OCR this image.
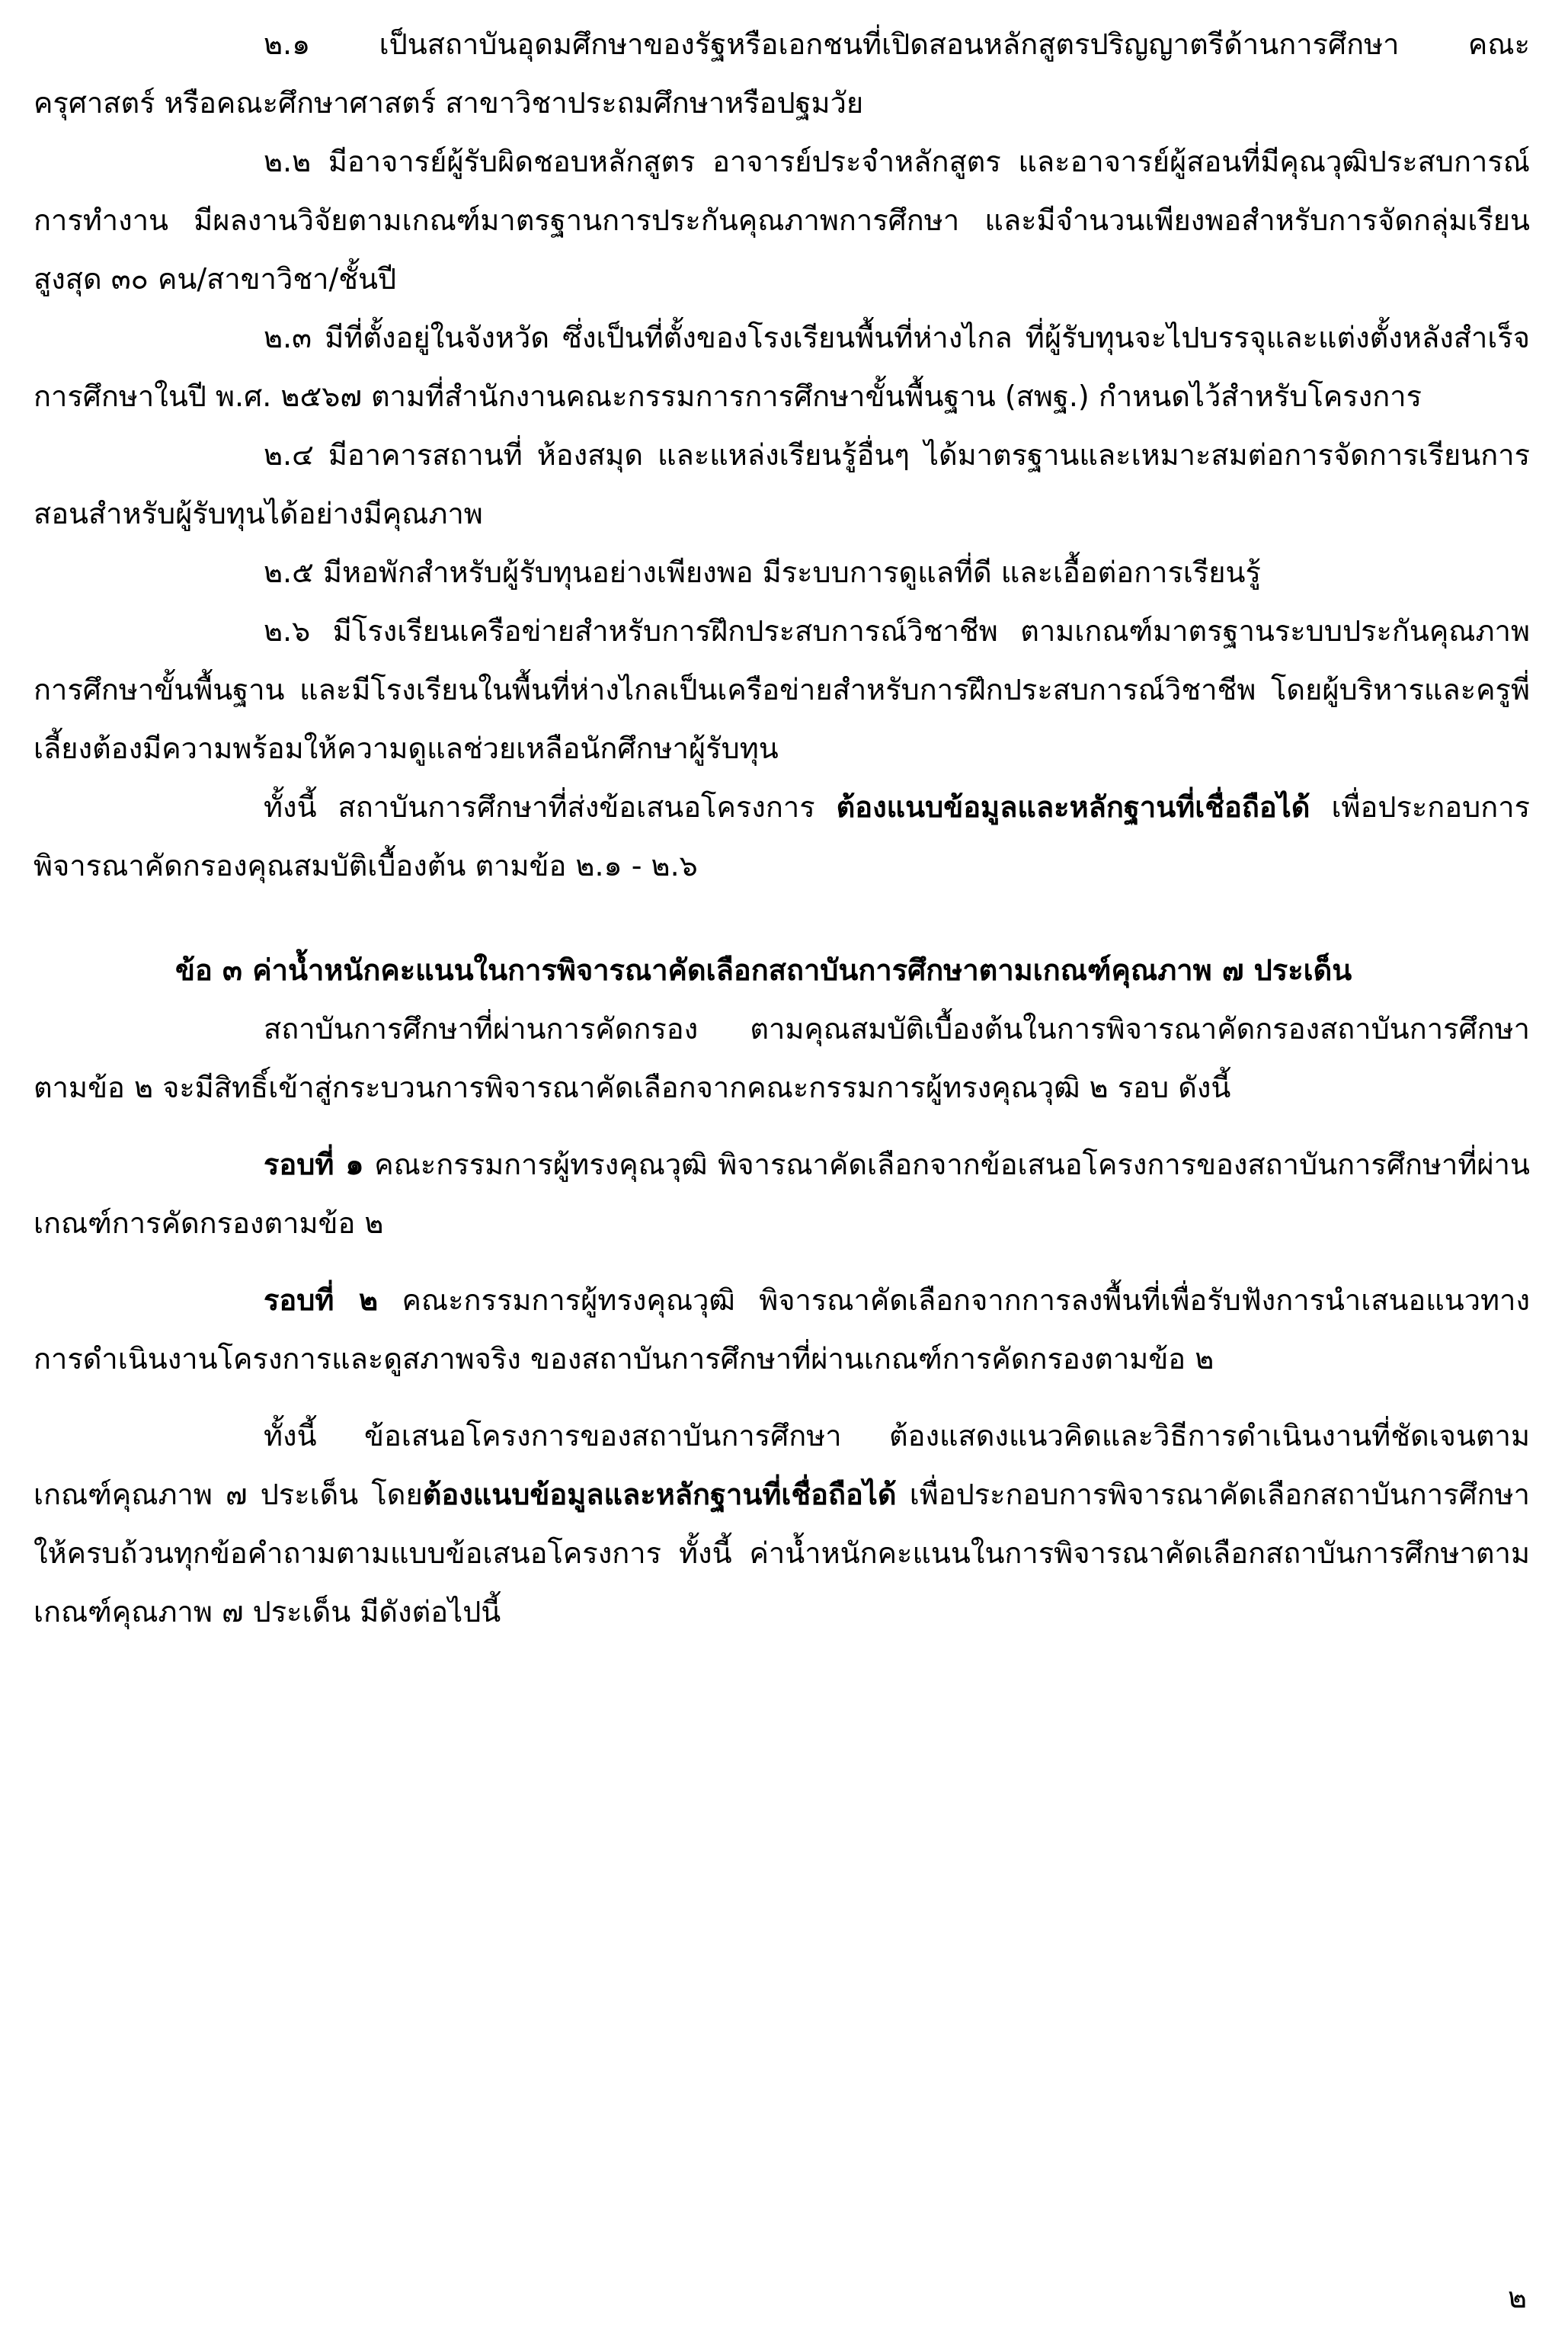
๒.๑ เป็นสถาบันอุดมศึกษาของรัฐหรือเอกชนที่เปิดสอนหลักสูตรปริญญาตรีด้านการศึกษา คณะครุศาสตร์ หรือคณะศึกษาศาสตร์ สาขาวิชาประถมศึกษาหรือปฐมวัย

๒.๒ มีอาจารย์ผู้รับผิดชอบหลักสูตร อาจารย์ประจำหลักสูตร และอาจารย์ผู้สอนที่มีคุณวุฒิประสบการณ์การทำงาน มีผลงานวิจัยตามเกณฑ์มาตรฐานการประกันคุณภาพการศึกษา และมีจำนวนเพียงพอสำหรับการจัดกลุ่มเรียนสูงสุด ๓๐ คน/สาขาวิชา/ชั้นปี

๒.๓ มีที่ตั้งอยู่ในจังหวัด ซึ่งเป็นที่ตั้งของโรงเรียนพื้นที่ห่างไกล ที่ผู้รับทุนจะไปบรรจุและแต่งตั้งหลังสำเร็จการศึกษาในปี พ.ศ. ๒๕๖๗ ตามที่สำนักงานคณะกรรมการการศึกษาขั้นพื้นฐาน (สพฐ.) กำหนดไว้สำหรับโครงการ

๒.๔ มีอาคารสถานที่ ห้องสมุด และแหล่งเรียนรู้อื่นๆ ได้มาตรฐานและเหมาะสมต่อการจัดการเรียนการสอนสำหรับผู้รับทุนได้อย่างมีคุณภาพ

๒.๕ มีหอพักสำหรับผู้รับทุนอย่างเพียงพอ มีระบบการดูแลที่ดี และเอื้อต่อการเรียนรู้

๒.๖ มีโรงเรียนเครือข่ายสำหรับการฝึกประสบการณ์วิชาชีพ ตามเกณฑ์มาตรฐานระบบประกันคุณภาพการศึกษาขั้นพื้นฐาน และมีโรงเรียนในพื้นที่ห่างไกลเป็นเครือข่ายสำหรับการฝึกประสบการณ์วิชาชีพ โดยผู้บริหารและครูพี่เลี้ยงต้องมีความพร้อมให้ความดูแลช่วยเหลือนักศึกษาผู้รับทุน

ทั้งนี้ สถาบันการศึกษาที่ส่งข้อเสนอโครงการ ต้องแนบข้อมูลและหลักฐานที่เชื่อถือได้ เพื่อประกอบการพิจารณาคัดกรองคุณสมบัติเบื้องต้น ตามข้อ ๒.๑ - ๒.๖

ข้อ ๓ ค่าน้ำหนักคะแนนในการพิจารณาคัดเลือกสถาบันการศึกษาตามเกณฑ์คุณภาพ ๗ ประเด็น

สถาบันการศึกษาที่ผ่านการคัดกรอง ตามคุณสมบัติเบื้องต้นในการพิจารณาคัดกรองสถาบันการศึกษาตามข้อ ๒ จะมีสิทธิ์เข้าสู่กระบวนการพิจารณาคัดเลือกจากคณะกรรมการผู้ทรงคุณวุฒิ ๒ รอบ ดังนี้

รอบที่ ๑ คณะกรรมการผู้ทรงคุณวุฒิ พิจารณาคัดเลือกจากข้อเสนอโครงการของสถาบันการศึกษาที่ผ่านเกณฑ์การคัดกรองตามข้อ ๒

รอบที่ ๒ คณะกรรมการผู้ทรงคุณวุฒิ พิจารณาคัดเลือกจากการลงพื้นที่เพื่อรับฟังการนำเสนอแนวทางการดำเนินงานโครงการและดูสภาพจริง ของสถาบันการศึกษาที่ผ่านเกณฑ์การคัดกรองตามข้อ ๒

ทั้งนี้ ข้อเสนอโครงการของสถาบันการศึกษา ต้องแสดงแนวคิดและวิธีการดำเนินงานที่ชัดเจนตามเกณฑ์คุณภาพ ๗ ประเด็น โดยต้องแนบข้อมูลและหลักฐานที่เชื่อถือได้ เพื่อประกอบการพิจารณาคัดเลือกสถาบันการศึกษา ให้ครบถ้วนทุกข้อคำถามตามแบบข้อเสนอโครงการ ทั้งนี้ ค่าน้ำหนักคะแนนในการพิจารณาคัดเลือกสถาบันการศึกษาตามเกณฑ์คุณภาพ ๗ ประเด็น มีดังต่อไปนี้

๒
